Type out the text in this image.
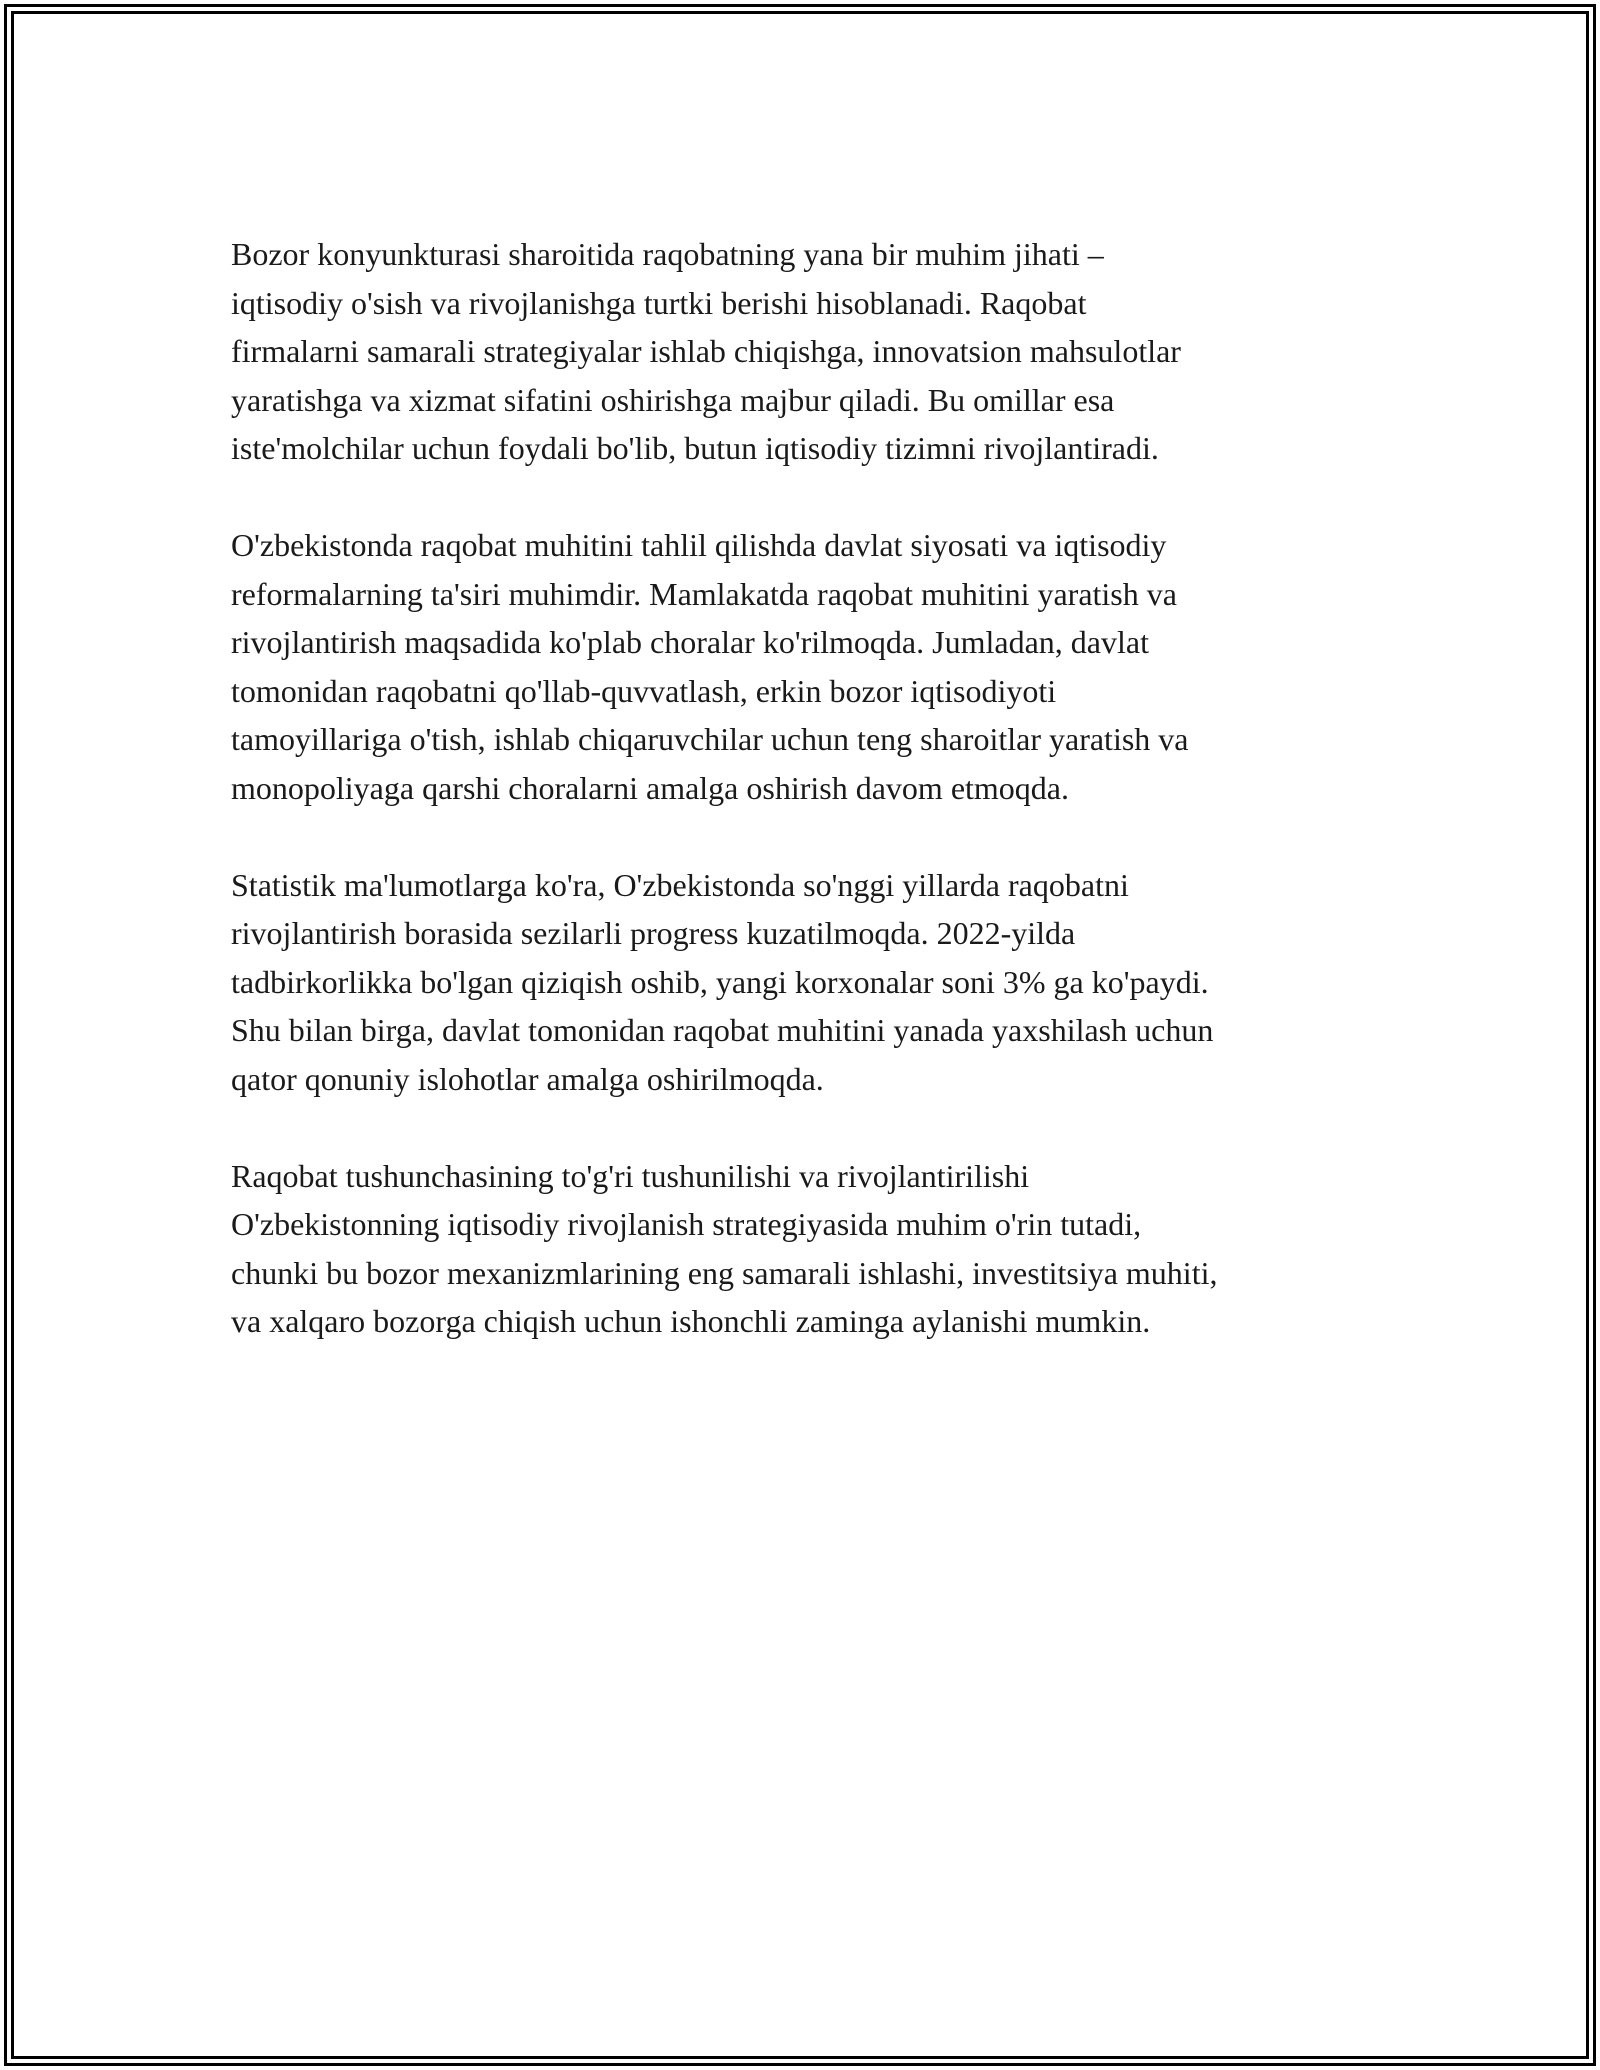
Bozor konyunkturasi sharoitida raqobatning yana bir muhim jihati –
iqtisodiy o'sish va rivojlanishga turtki berishi hisoblanadi. Raqobat
firmalarni samarali strategiyalar ishlab chiqishga, innovatsion mahsulotlar
yaratishga va xizmat sifatini oshirishga majbur qiladi. Bu omillar esa
iste'molchilar uchun foydali bo'lib, butun iqtisodiy tizimni rivojlantiradi.

O'zbekistonda raqobat muhitini tahlil qilishda davlat siyosati va iqtisodiy
reformalarning ta'siri muhimdir. Mamlakatda raqobat muhitini yaratish va
rivojlantirish maqsadida ko'plab choralar ko'rilmoqda. Jumladan, davlat
tomonidan raqobatni qo'llab-quvvatlash, erkin bozor iqtisodiyoti
tamoyillariga o'tish, ishlab chiqaruvchilar uchun teng sharoitlar yaratish va
monopoliyaga qarshi choralarni amalga oshirish davom etmoqda.

Statistik ma'lumotlarga ko'ra, O'zbekistonda so'nggi yillarda raqobatni
rivojlantirish borasida sezilarli progress kuzatilmoqda. 2022-yilda
tadbirkorlikka bo'lgan qiziqish oshib, yangi korxonalar soni 3% ga ko'paydi.
Shu bilan birga, davlat tomonidan raqobat muhitini yanada yaxshilash uchun
qator qonuniy islohotlar amalga oshirilmoqda.

Raqobat tushunchasining to'g'ri tushunilishi va rivojlantirilishi
O'zbekistonning iqtisodiy rivojlanish strategiyasida muhim o'rin tutadi,
chunki bu bozor mexanizmlarining eng samarali ishlashi, investitsiya muhiti,
va xalqaro bozorga chiqish uchun ishonchli zaminga aylanishi mumkin.
